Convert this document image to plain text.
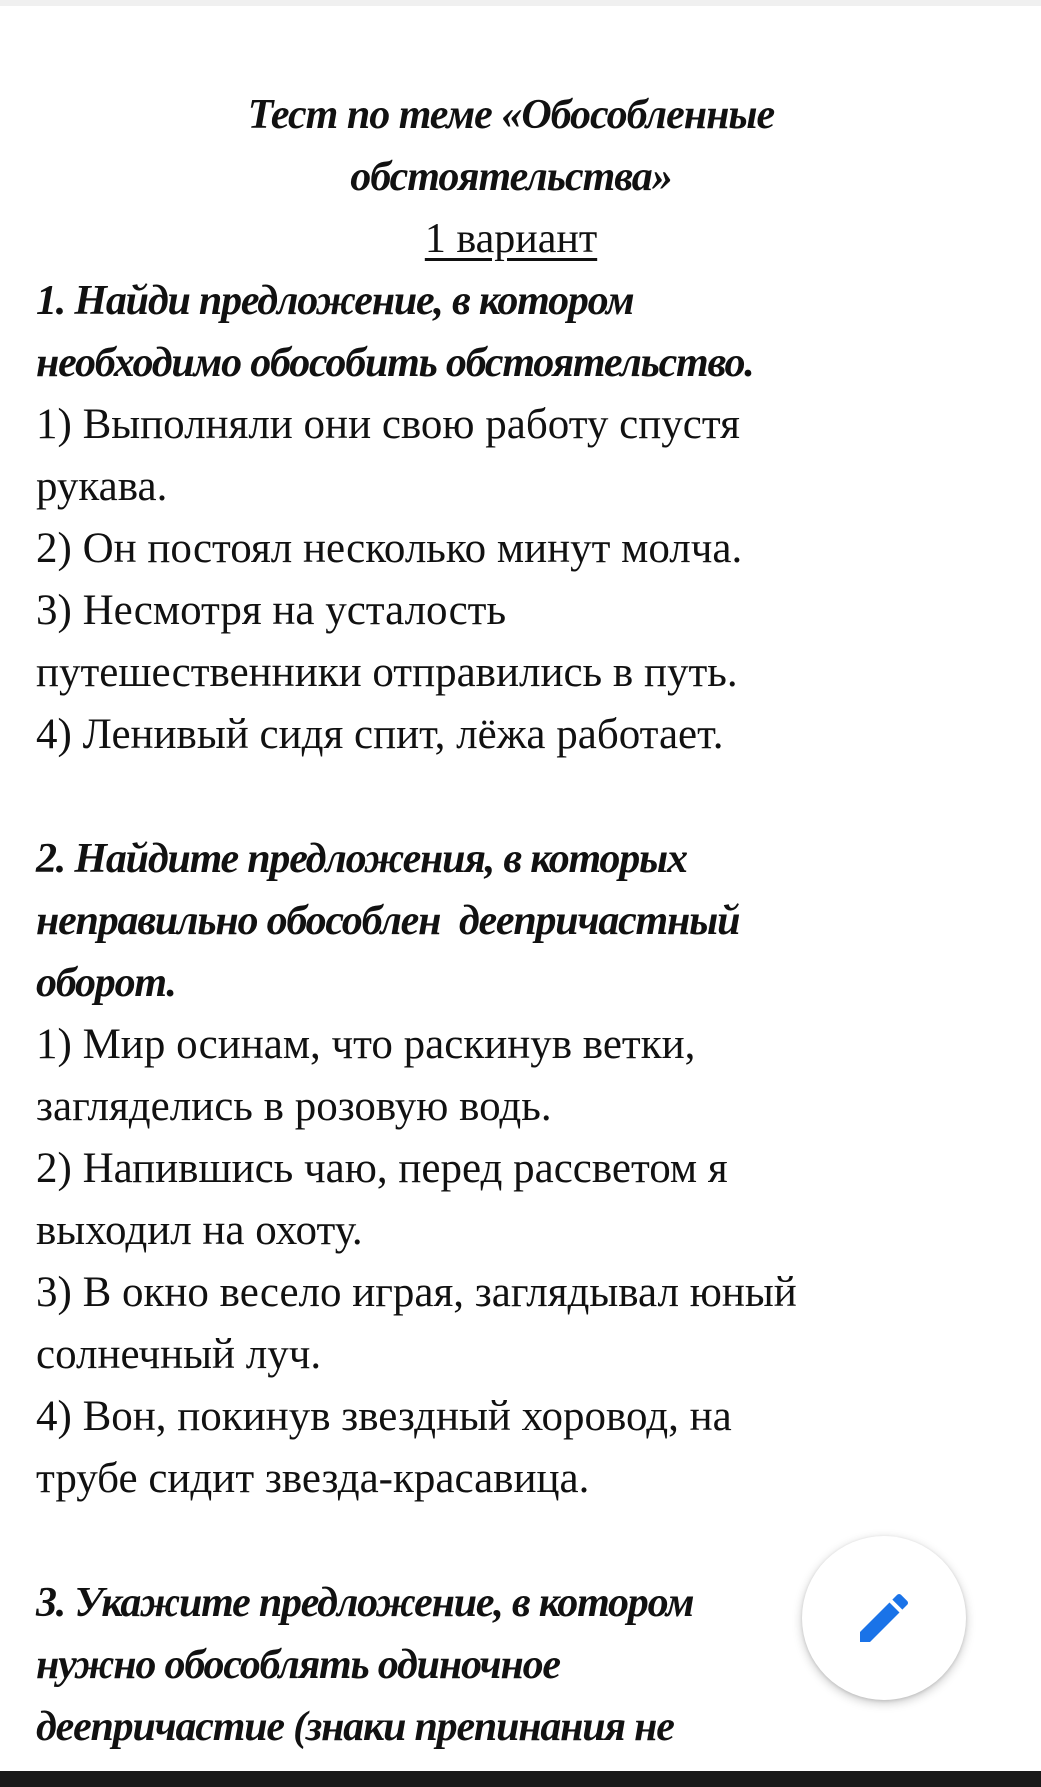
Тест по теме «Обособленные

обстоятельства»

1 вариант

1. Найди предложение, в котором

необходимо обособить обстоятельство.

1) Выполняли они свою работу спустя

рукава.

2) Он постоял несколько минут молча.

3) Несмотря на усталость

путешественники отправились в путь.

4) Ленивый сидя спит, лёжа работает.

2. Найдите предложения, в которых

неправильно обособлен  деепричастный

оборот.

1) Мир осинам, что раскинув ветки,

загляделись в розовую водь.

2) Напившись чаю, перед рассветом я

выходил на охоту.

3) В окно весело играя, заглядывал юный

солнечный луч.

4) Вон, покинув звездный хоровод, на

трубе сидит звезда-красавица.

3. Укажите предложение, в котором

нужно обособлять одиночное

деепричастие (знаки препинания не
